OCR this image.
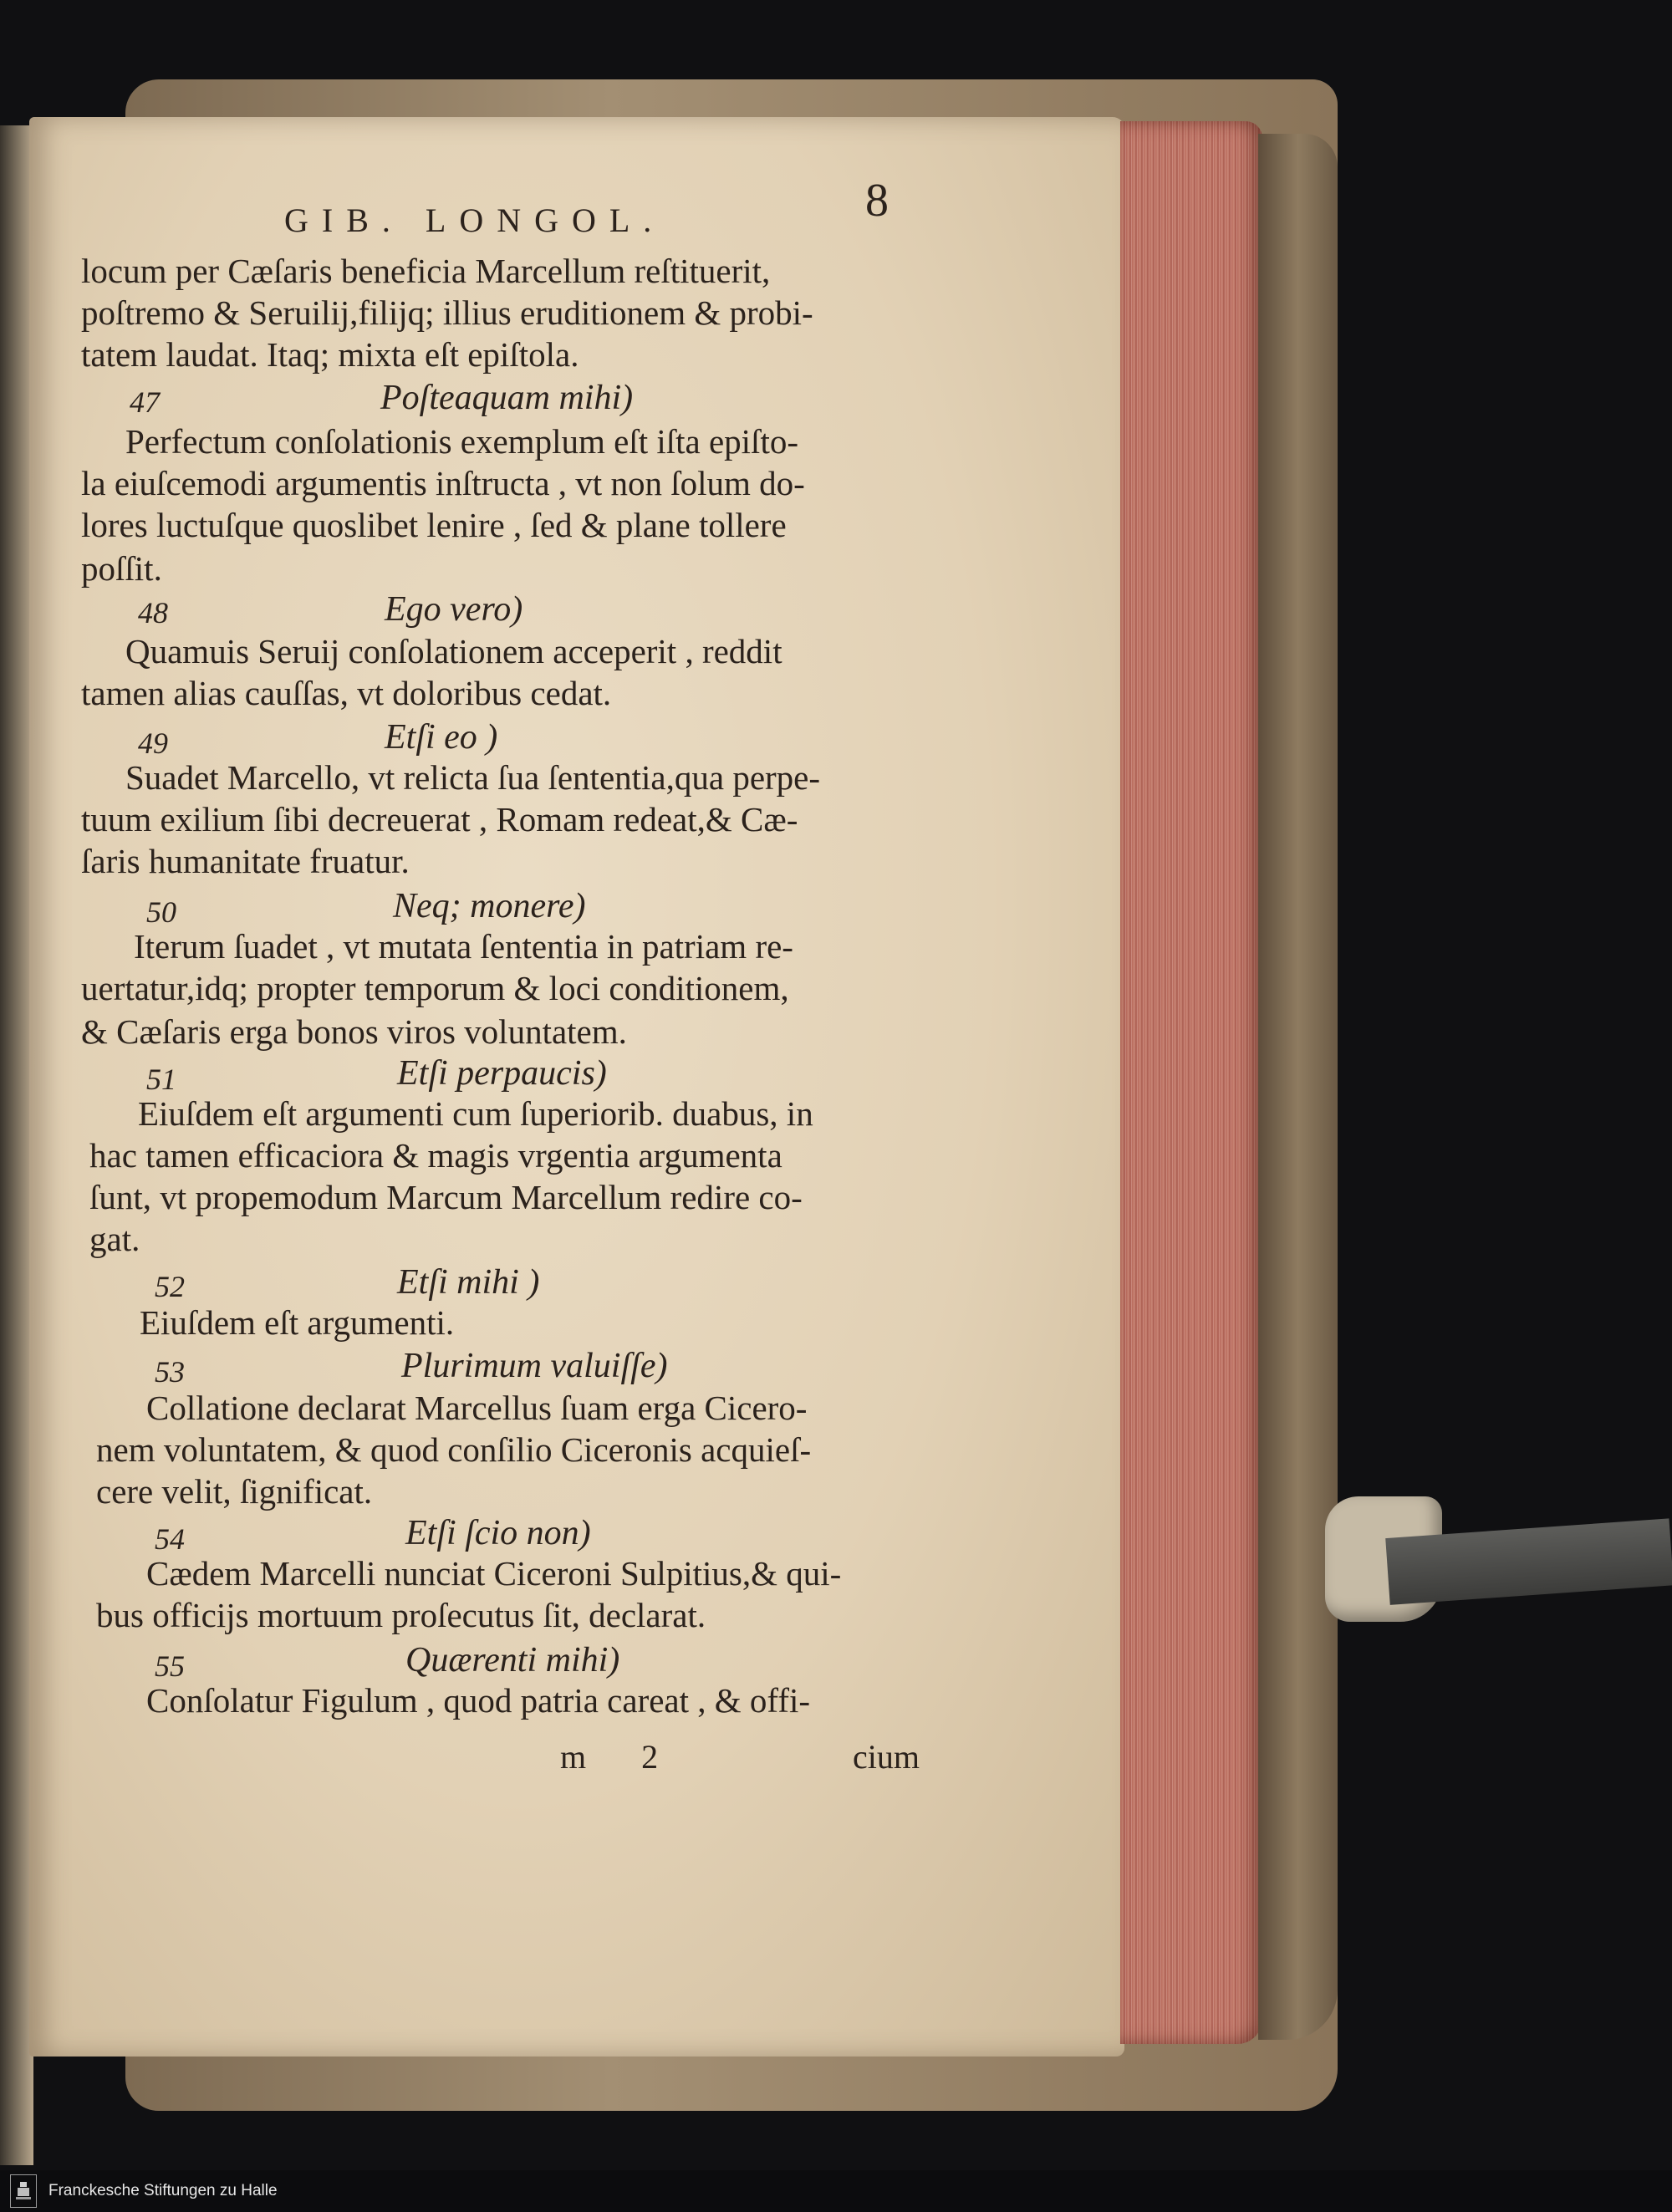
GIB. LONGOL.	8
locum per Cæſaris beneficia Marcellum reſtituerit,
poſtremo & Seruilij,filijq; illius eruditionem & probi-
tatem laudat. Itaq; mixta eſt epiſtola.
47	Poſteaquam mihi)
Perfectum conſolationis exemplum eſt iſta epiſto-
la eiuſcemodi argumentis inſtructa , vt non ſolum do-
lores luctuſque quoslibet lenire , ſed & plane tollere
poſſit.
48	Ego vero)
Quamuis Seruij conſolationem acceperit , reddit
tamen alias cauſſas, vt doloribus cedat.
49	Etſi eo )
Suadet Marcello, vt relicta ſua ſententia,qua perpe-
tuum exilium ſibi decreuerat , Romam redeat,& Cæ-
ſaris humanitate fruatur.
50	Neq; monere)
Iterum ſuadet , vt mutata ſententia in patriam re-
uertatur,idq; propter temporum & loci conditionem,
& Cæſaris erga bonos viros voluntatem.
51	Etſi perpaucis)
Eiuſdem eſt argumenti cum ſuperiorib. duabus, in
hac tamen efficaciora & magis vrgentia argumenta
ſunt, vt propemodum Marcum Marcellum redire co-
gat.
52	Etſi mihi )
Eiuſdem eſt argumenti.
53	Plurimum valuiſſe)
Collatione declarat Marcellus ſuam erga Cicero-
nem voluntatem, & quod conſilio Ciceronis acquieſ-
cere velit, ſignificat.
54	Etſi ſcio non)
Cædem Marcelli nunciat Ciceroni Sulpitius,& qui-
bus officijs mortuum proſecutus ſit, declarat.
55	Quærenti mihi)
Conſolatur Figulum , quod patria careat , & offi-
m 2	cium
Franckesche Stiftungen zu Halle
